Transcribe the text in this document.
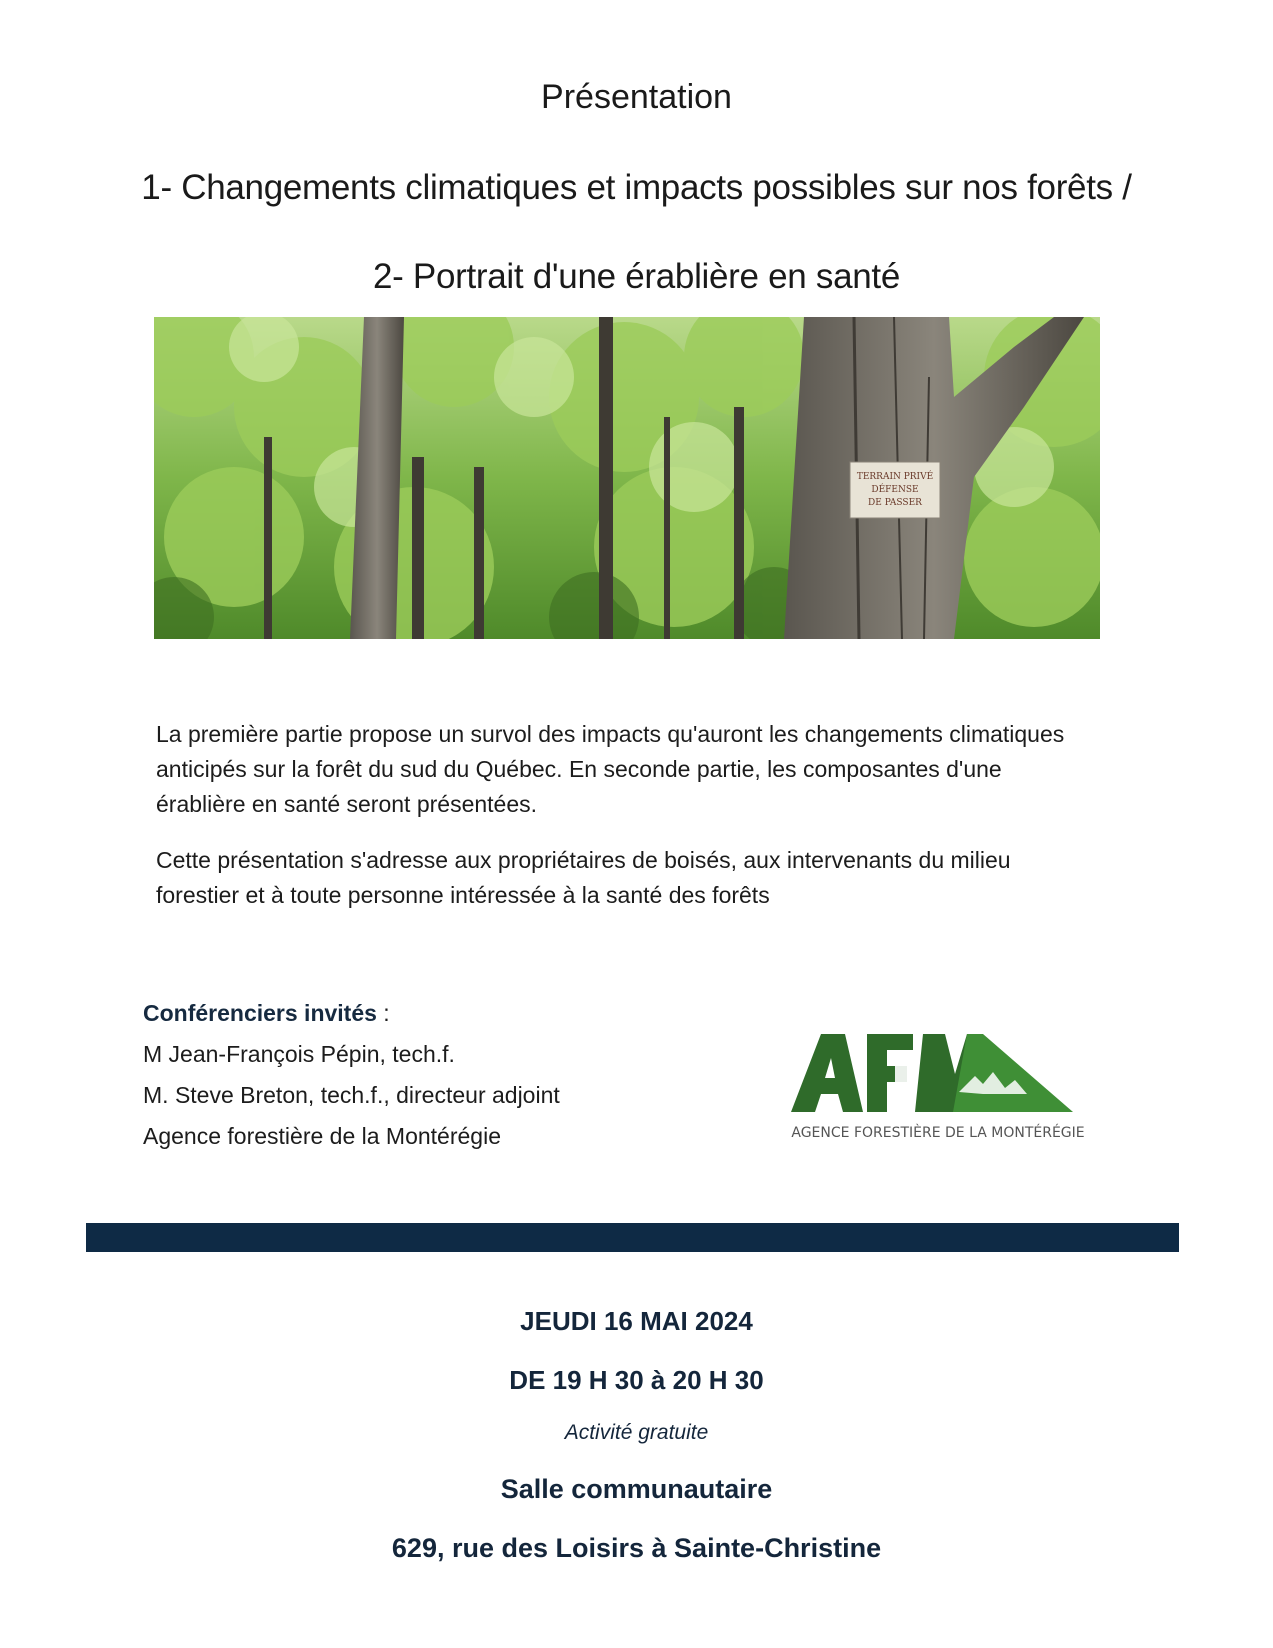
Présentation
1- Changements climatiques et impacts possibles sur nos forêts /
2- Portrait d'une érablière en santé
TERRAIN PRIVÉ
DÉFENSE
DE PASSER
La première partie propose un survol des impacts qu'auront les changements climatiques anticipés sur la forêt du sud du Québec. En seconde partie, les composantes d'une érablière en santé seront présentées.
Cette présentation s'adresse aux propriétaires de boisés, aux intervenants du milieu forestier et à toute personne intéressée à la santé des forêts
Conférenciers invités :
M Jean-François Pépin, tech.f.
M. Steve Breton, tech.f., directeur adjoint
Agence forestière de la Montérégie	AGENCE FORESTIÈRE DE LA MONTÉRÉGIE
JEUDI 16 MAI 2024
DE 19 H 30 à 20 H 30
Activité gratuite
Salle communautaire
629, rue des Loisirs à Sainte-Christine
